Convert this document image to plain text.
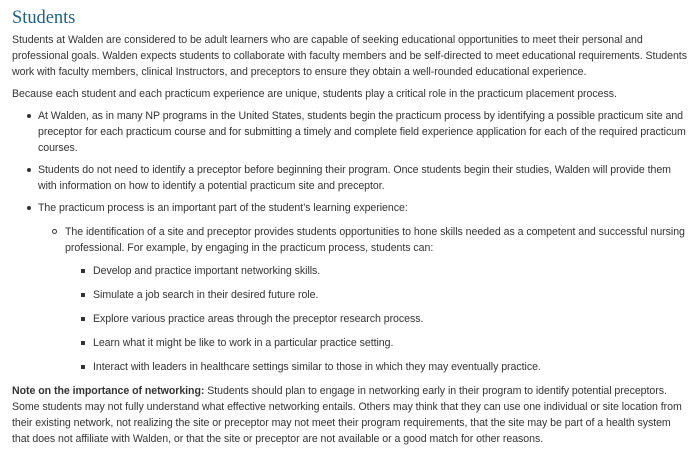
Students

Students at Walden are considered to be adult learners who are capable of seeking educational opportunities to meet their personal and professional goals. Walden expects students to collaborate with faculty members and be self-directed to meet educational requirements. Students work with faculty members, clinical Instructors, and preceptors to ensure they obtain a well-rounded educational experience.

Because each student and each practicum experience are unique, students play a critical role in the practicum placement process.

At Walden, as in many NP programs in the United States, students begin the practicum process by identifying a possible practicum site and preceptor for each practicum course and for submitting a timely and complete field experience application for each of the required practicum courses.
Students do not need to identify a preceptor before beginning their program. Once students begin their studies, Walden will provide them with information on how to identify a potential practicum site and preceptor.
The practicum process is an important part of the student’s learning experience:
The identification of a site and preceptor provides students opportunities to hone skills needed as a competent and successful nursing professional. For example, by engaging in the practicum process, students can:
Develop and practice important networking skills.
Simulate a job search in their desired future role.
Explore various practice areas through the preceptor research process.
Learn what it might be like to work in a particular practice setting.
Interact with leaders in healthcare settings similar to those in which they may eventually practice.

Note on the importance of networking: Students should plan to engage in networking early in their program to identify potential preceptors. Some students may not fully understand what effective networking entails. Others may think that they can use one individual or site location from their existing network, not realizing the site or preceptor may not meet their program requirements, that the site may be part of a health system that does not affiliate with Walden, or that the site or preceptor are not available or a good match for other reasons.
